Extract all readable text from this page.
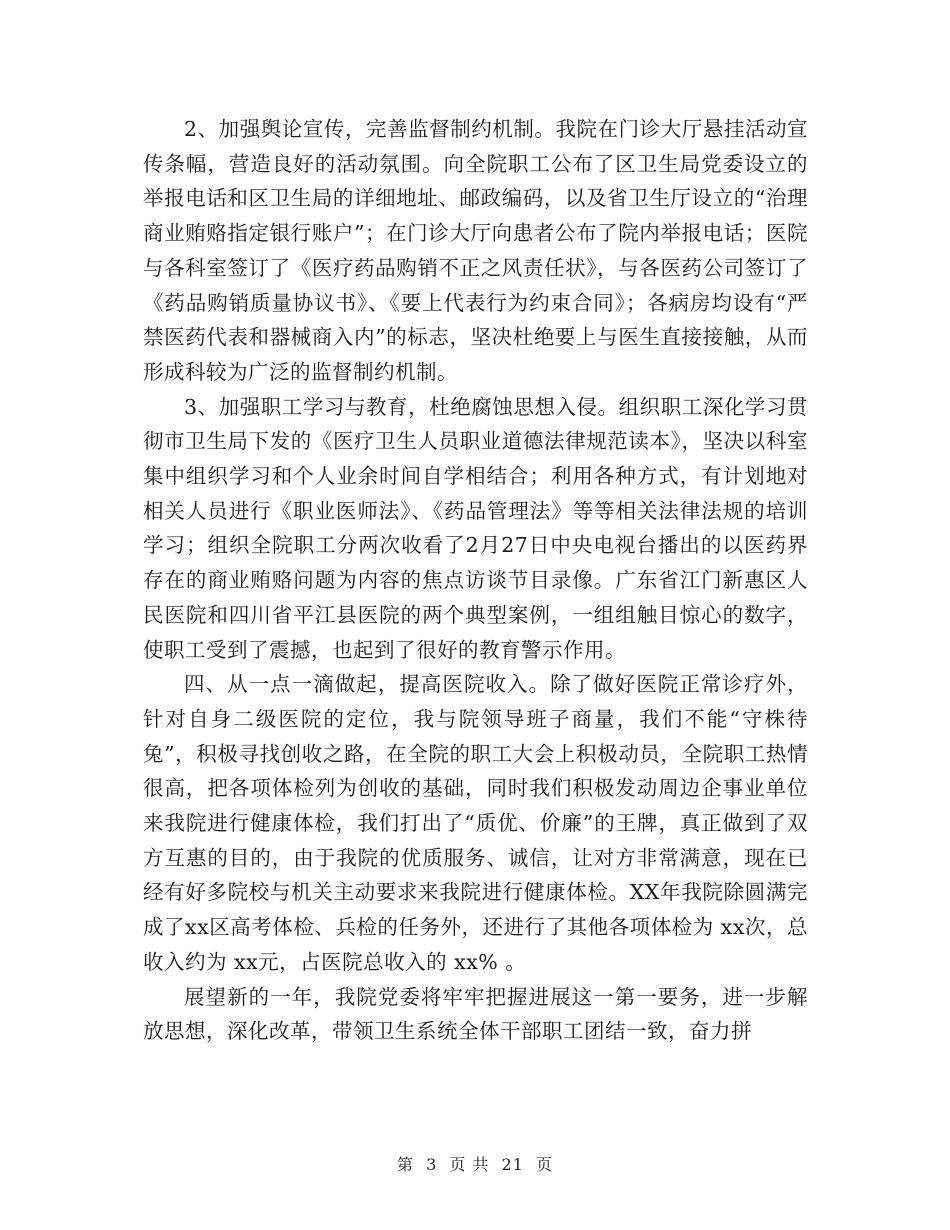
2、加强舆论宣传，完善监督制约机制。我院在门诊大厅悬挂活动宣传条幅，营造良好的活动氛围。向全院职工公布了区卫生局党委设立的举报电话和区卫生局的详细地址、邮政编码，以及省卫生厅设立的“治理商业贿赂指定银行账户”；在门诊大厅向患者公布了院内举报电话；医院与各科室签订了《医疗药品购销不正之风责任状》，与各医药公司签订了《药品购销质量协议书》、《要上代表行为约束合同》；各病房均设有“严禁医药代表和器械商入内”的标志，坚决杜绝要上与医生直接接触，从而形成科较为广泛的监督制约机制。

3、加强职工学习与教育，杜绝腐蚀思想入侵。组织职工深化学习贯彻市卫生局下发的《医疗卫生人员职业道德法律规范读本》，坚决以科室集中组织学习和个人业余时间自学相结合；利用各种方式，有计划地对相关人员进行《职业医师法》、《药品管理法》等等相关法律法规的培训学习；组织全院职工分两次收看了2月27日中央电视台播出的以医药界存在的商业贿赂问题为内容的焦点访谈节目录像。广东省江门新惠区人民医院和四川省平江县医院的两个典型案例，一组组触目惊心的数字，使职工受到了震撼，也起到了很好的教育警示作用。

四、从一点一滴做起，提高医院收入。除了做好医院正常诊疗外，针对自身二级医院的定位，我与院领导班子商量，我们不能“守株待兔”，积极寻找创收之路，在全院的职工大会上积极动员，全院职工热情很高，把各项体检列为创收的基础，同时我们积极发动周边企事业单位来我院进行健康体检，我们打出了“质优、价廉”的王牌，真正做到了双方互惠的目的，由于我院的优质服务、诚信，让对方非常满意，现在已经有好多院校与机关主动要求来我院进行健康体检。XX年我院除圆满完成了xx区高考体检、兵检的任务外，还进行了其他各项体检为 xx次，总收入约为 xx元，占医院总收入的 xx% 。

展望新的一年，我院党委将牢牢把握进展这一第一要务，进一步解放思想，深化改革，带领卫生系统全体干部职工团结一致，奋力拼

第 3 页 共 21 页
